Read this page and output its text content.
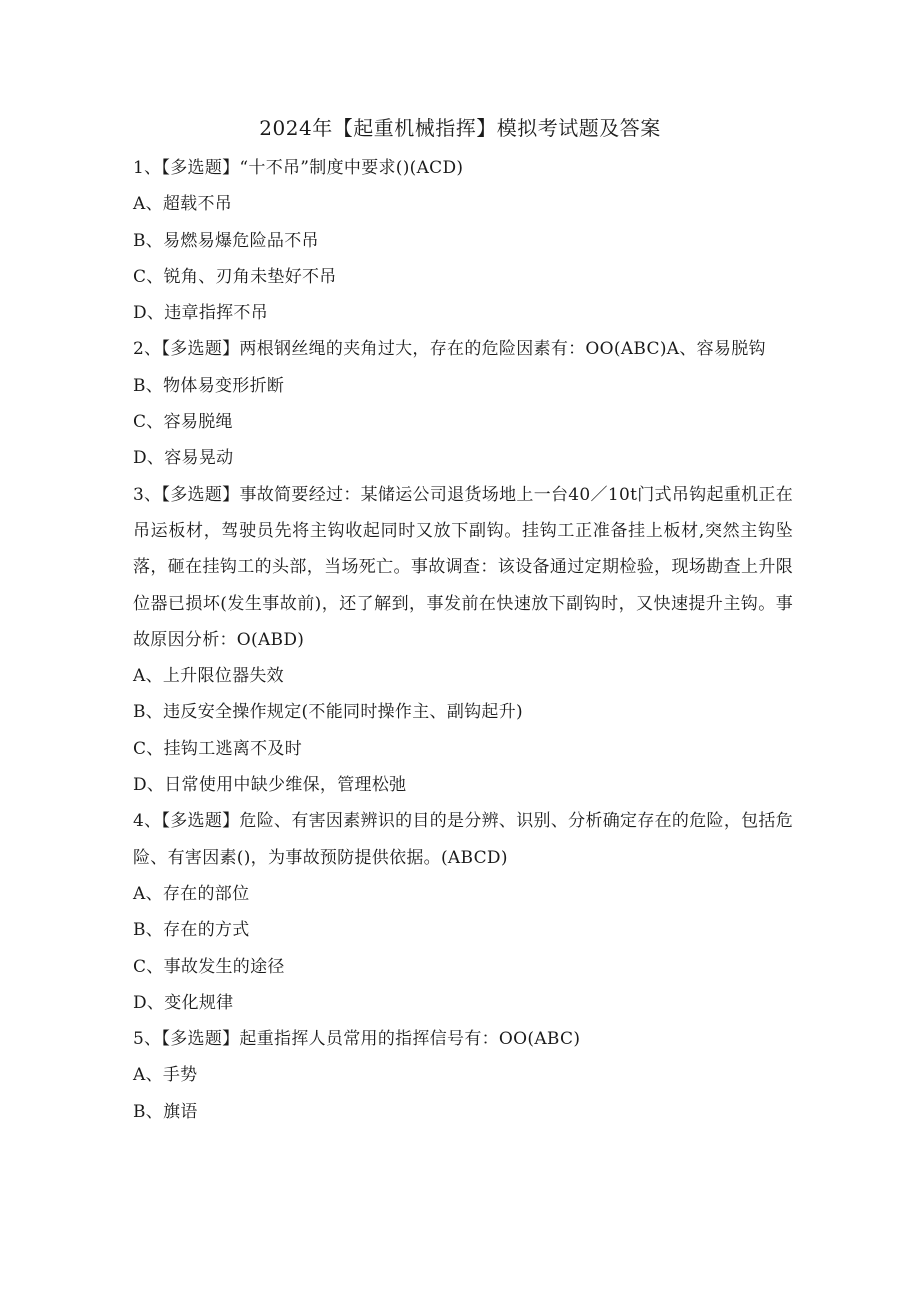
2024年【起重机械指挥】模拟考试题及答案

1、【多选题】“十不吊”制度中要求()(ACD)

A、超载不吊

B、易燃易爆危险品不吊

C、锐角、刃角未垫好不吊

D、违章指挥不吊

2、【多选题】两根钢丝绳的夹角过大，存在的危险因素有：OO(ABC)A、容易脱钩

B、物体易变形折断

C、容易脱绳

D、容易晃动

3、【多选题】事故简要经过：某储运公司退货场地上一台40／10t门式吊钩起重机正在吊运板材，驾驶员先将主钩收起同时又放下副钩。挂钩工正准备挂上板材,突然主钩坠落，砸在挂钩工的头部，当场死亡。事故调查：该设备通过定期检验，现场勘查上升限位器已损坏(发生事故前)，还了解到，事发前在快速放下副钩时，又快速提升主钩。事故原因分析：O(ABD)

A、上升限位器失效

B、违反安全操作规定(不能同时操作主、副钩起升)

C、挂钩工逃离不及时

D、日常使用中缺少维保，管理松弛

4、【多选题】危险、有害因素辨识的目的是分辨、识别、分析确定存在的危险，包括危险、有害因素()，为事故预防提供依据。(ABCD)

A、存在的部位

B、存在的方式

C、事故发生的途径

D、变化规律

5、【多选题】起重指挥人员常用的指挥信号有：OO(ABC)

A、手势

B、旗语
